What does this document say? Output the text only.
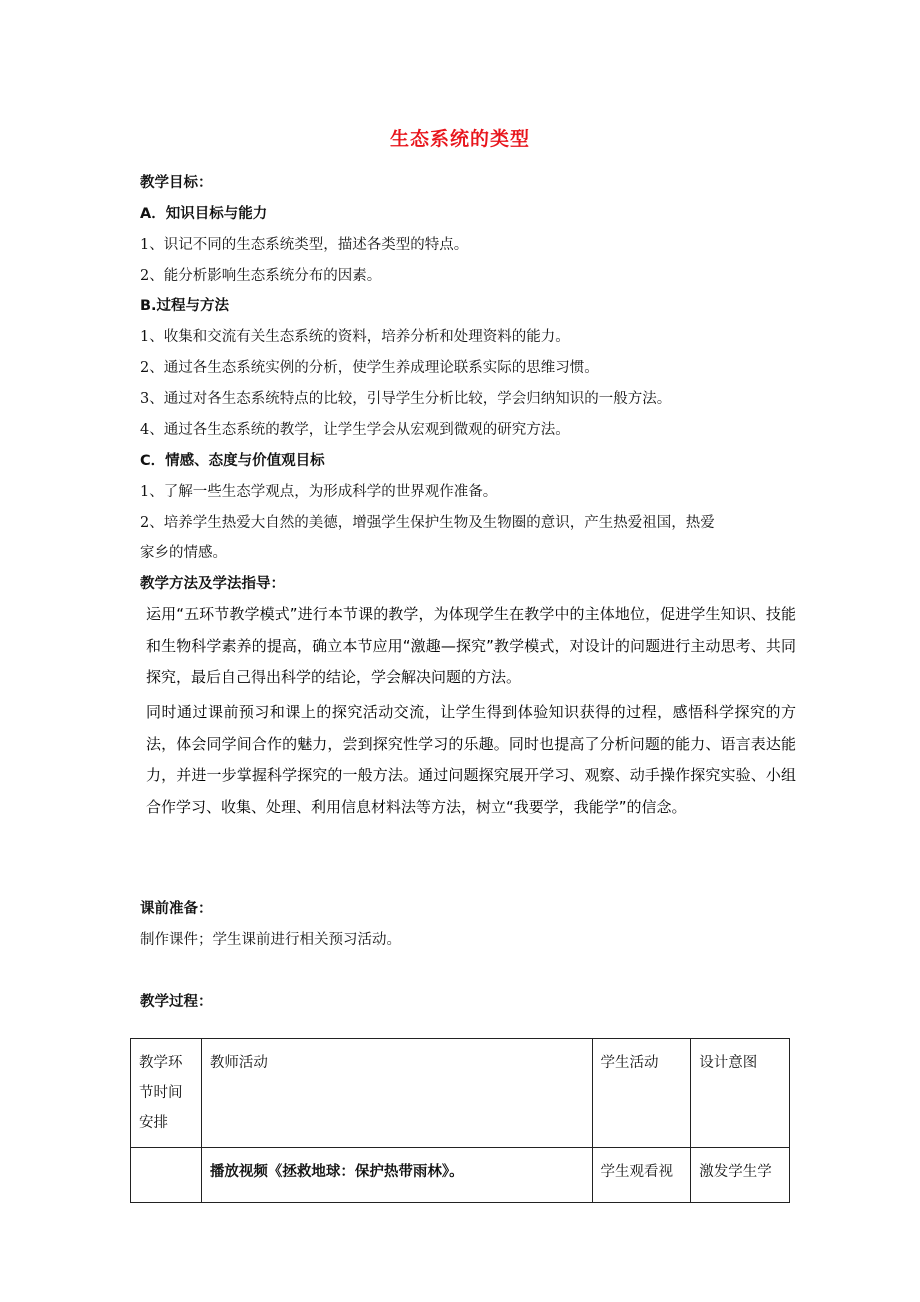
生态系统的类型
教学目标：
A．知识目标与能力
1、识记不同的生态系统类型，描述各类型的特点。
2、能分析影响生态系统分布的因素。
B.过程与方法
1、收集和交流有关生态系统的资料，培养分析和处理资料的能力。
2、通过各生态系统实例的分析，使学生养成理论联系实际的思维习惯。
3、通过对各生态系统特点的比较，引导学生分析比较，学会归纳知识的一般方法。
4、通过各生态系统的教学，让学生学会从宏观到微观的研究方法。
C．情感、态度与价值观目标
1、了解一些生态学观点，为形成科学的世界观作准备。
2、培养学生热爱大自然的美德，增强学生保护生物及生物圈的意识，产生热爱祖国，热爱
家乡的情感。
教学方法及学法指导：
运用“五环节教学模式”进行本节课的教学，为体现学生在教学中的主体地位，促进学生知识、技能和生物科学素养的提高，确立本节应用“激趣—探究”教学模式，对设计的问题进行主动思考、共同探究，最后自己得出科学的结论，学会解决问题的方法。
同时通过课前预习和课上的探究活动交流，让学生得到体验知识获得的过程，感悟科学探究的方法，体会同学间合作的魅力，尝到探究性学习的乐趣。同时也提高了分析问题的能力、语言表达能力，并进一步掌握科学探究的一般方法。通过问题探究展开学习、观察、动手操作探究实验、小组合作学习、收集、处理、利用信息材料法等方法，树立“我要学，我能学”的信念。
课前准备：
制作课件；学生课前进行相关预习活动。
教学过程：
教学环节时间安排	教师活动	学生活动	设计意图
	播放视频《拯救地球：保护热带雨林》。	学生观看视	激发学生学
